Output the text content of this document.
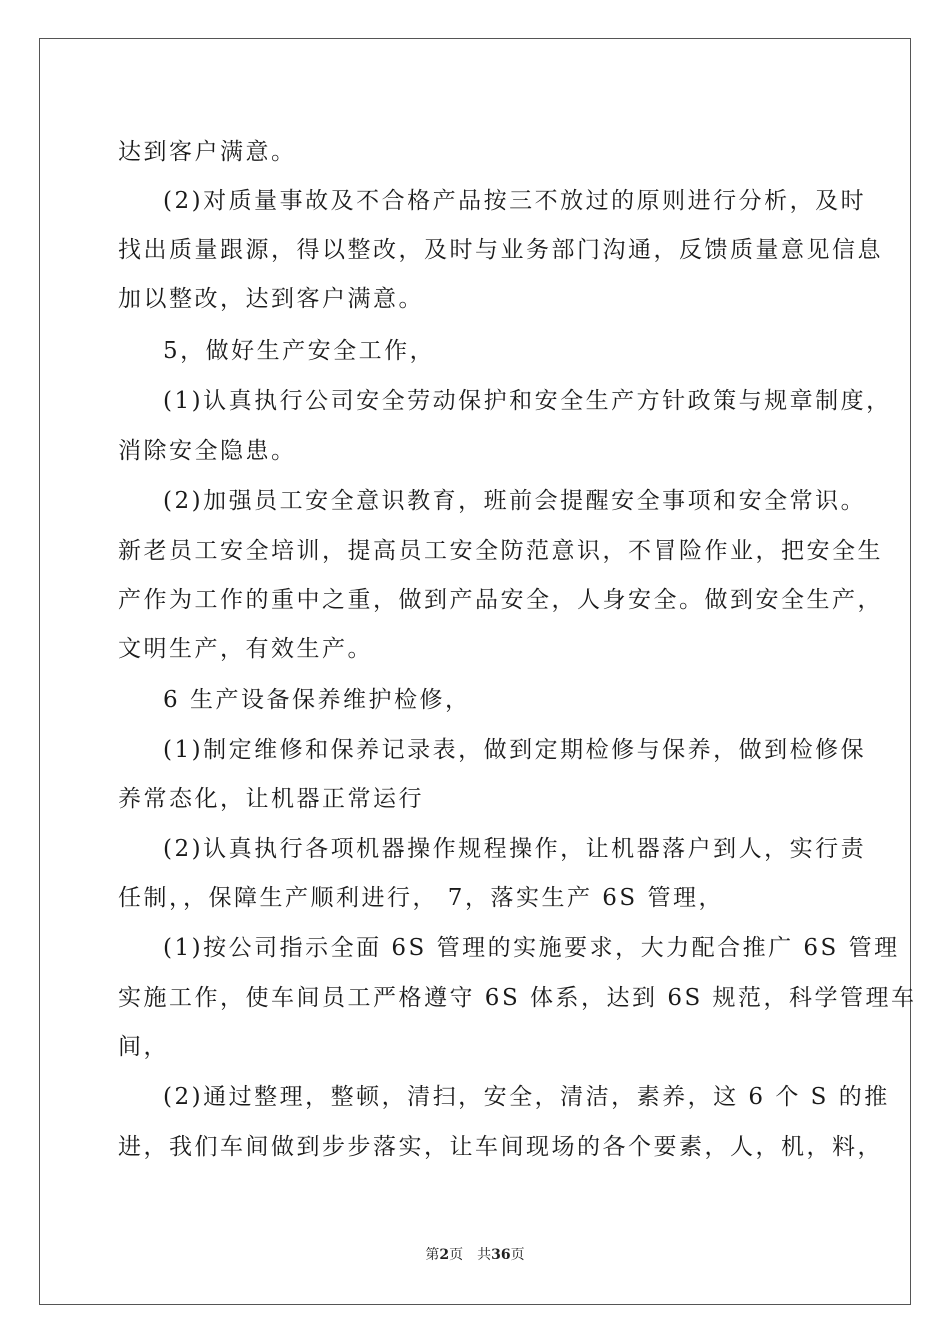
达到客户满意。
(2)对质量事故及不合格产品按三不放过的原则进行分析，及时
找出质量跟源，得以整改，及时与业务部门沟通，反馈质量意见信息
加以整改，达到客户满意。
5，做好生产安全工作，
(1)认真执行公司安全劳动保护和安全生产方针政策与规章制度，
消除安全隐患。
(2)加强员工安全意识教育，班前会提醒安全事项和安全常识。
新老员工安全培训，提高员工安全防范意识，不冒险作业，把安全生
产作为工作的重中之重，做到产品安全，人身安全。做到安全生产，
文明生产，有效生产。
6 生产设备保养维护检修，
(1)制定维修和保养记录表，做到定期检修与保养，做到检修保
养常态化，让机器正常运行
(2)认真执行各项机器操作规程操作，让机器落户到人，实行责
任制，，保障生产顺利进行， 7，落实生产 6S 管理，
(1)按公司指示全面 6S 管理的实施要求，大力配合推广 6S 管理
实施工作，使车间员工严格遵守 6S 体系，达到 6S 规范，科学管理车
间，
(2)通过整理，整顿，清扫，安全，清洁，素养，这 6 个 S 的推
进，我们车间做到步步落实，让车间现场的各个要素，人，机，料，
第2页 共36页
